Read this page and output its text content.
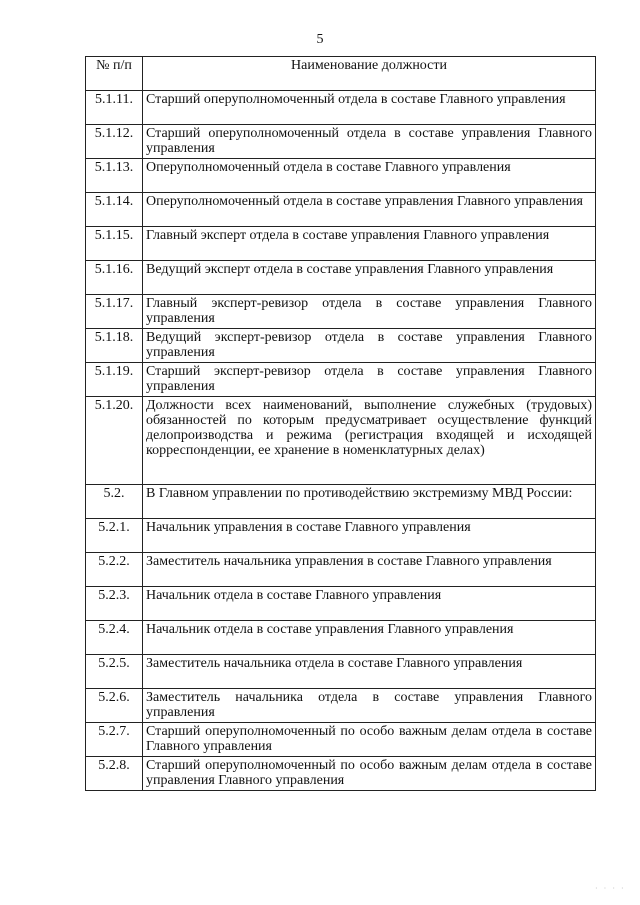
5
№ п/п	Наименование должности
5.1.11.	Старший оперуполномоченный отдела в составе Главного управления
5.1.12.	Старший оперуполномоченный отдела в составе управления Главного управления
5.1.13.	Оперуполномоченный отдела в составе Главного управления
5.1.14.	Оперуполномоченный отдела в составе управления Главного управления
5.1.15.	Главный эксперт отдела в составе управления Главного управления
5.1.16.	Ведущий эксперт отдела в составе управления Главного управления
5.1.17.	Главный эксперт-ревизор отдела в составе управления Главного управления
5.1.18.	Ведущий эксперт-ревизор отдела в составе управления Главного управления
5.1.19.	Старший эксперт-ревизор отдела в составе управления Главного управления
5.1.20.	Должности всех наименований, выполнение служебных (трудовых) обязанностей по которым предусматривает осуществление функций делопроизводства и режима (регистрация входящей и исходящей корреспонденции, ее хранение в номенклатурных делах)
5.2.	В Главном управлении по противодействию экстремизму МВД России:
5.2.1.	Начальник управления в составе Главного управления
5.2.2.	Заместитель начальника управления в составе Главного управления
5.2.3.	Начальник отдела в составе Главного управления
5.2.4.	Начальник отдела в составе управления Главного управления
5.2.5.	Заместитель начальника отдела в составе Главного управления
5.2.6.	Заместитель начальника отдела в составе управления Главного управления
5.2.7.	Старший оперуполномоченный по особо важным делам отдела в составе Главного управления
5.2.8.	Старший оперуполномоченный по особо важным делам отдела в составе управления Главного управления
· · · ·
